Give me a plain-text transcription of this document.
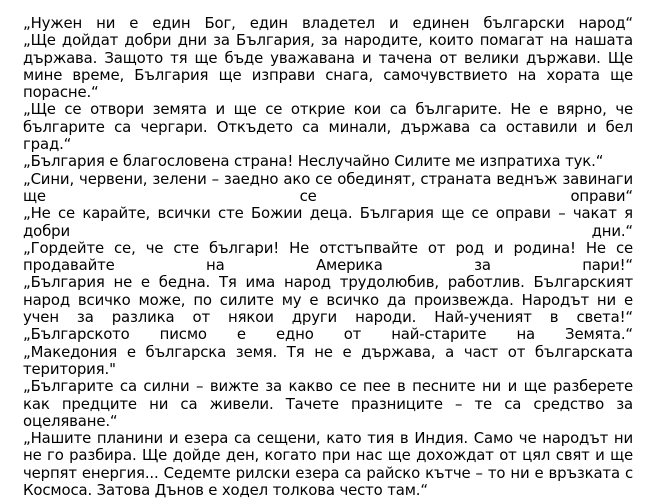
„Нужен ни е един Бог, един владетел и единен български народ“

„Ще дойдат добри дни за България, за народите, които помагат на нашата държава. Защото тя ще бъде уважавана и тачена от велики държави. Ще мине време, България ще изправи снага, самочувствието на хората ще порасне.“

„Ще се отвори земята и ще се открие кои са българите. Не е вярно, че българите са чергари. Откъдето са минали, държава са оставили и бел град.“

„България е благословена страна! Неслучайно Силите ме изпратиха тук.“

„Сини, червени, зелени – заедно ако се обединят, страната веднъж завинаги ще се оправи“

„Не се карайте, всички сте Божии деца. България ще се оправи – чакат я добри дни.“

„Гордейте се, че сте българи! Не отстъпвайте от род и родина! Не се продавайте на Америка за пари!“

„България не е бедна. Тя има народ трудолюбив, работлив. Българският народ всичко може, по силите му е всичко да произвежда. Народът ни е учен за разлика от някои други народи. Най-ученият в света!“

„Българското писмо е едно от най-старите на Земята.“

„Македония е българска земя. Тя не е държава, а част от българската територия."

„Българите са силни – вижте за какво се пее в песните ни и ще разберете как предците ни са живели. Тачете празниците – те са средство за оцеляване.“

„Нашите планини и езера са сещени, като тия в Индия. Само че народът ни не го разбира. Ще дойде ден, когато при нас ще дохождат от цял свят и ще черпят енергия... Седемте рилски езера са райско кътче – то ни е връзката с Космоса. Затова Дънов е ходел толкова често там.“
